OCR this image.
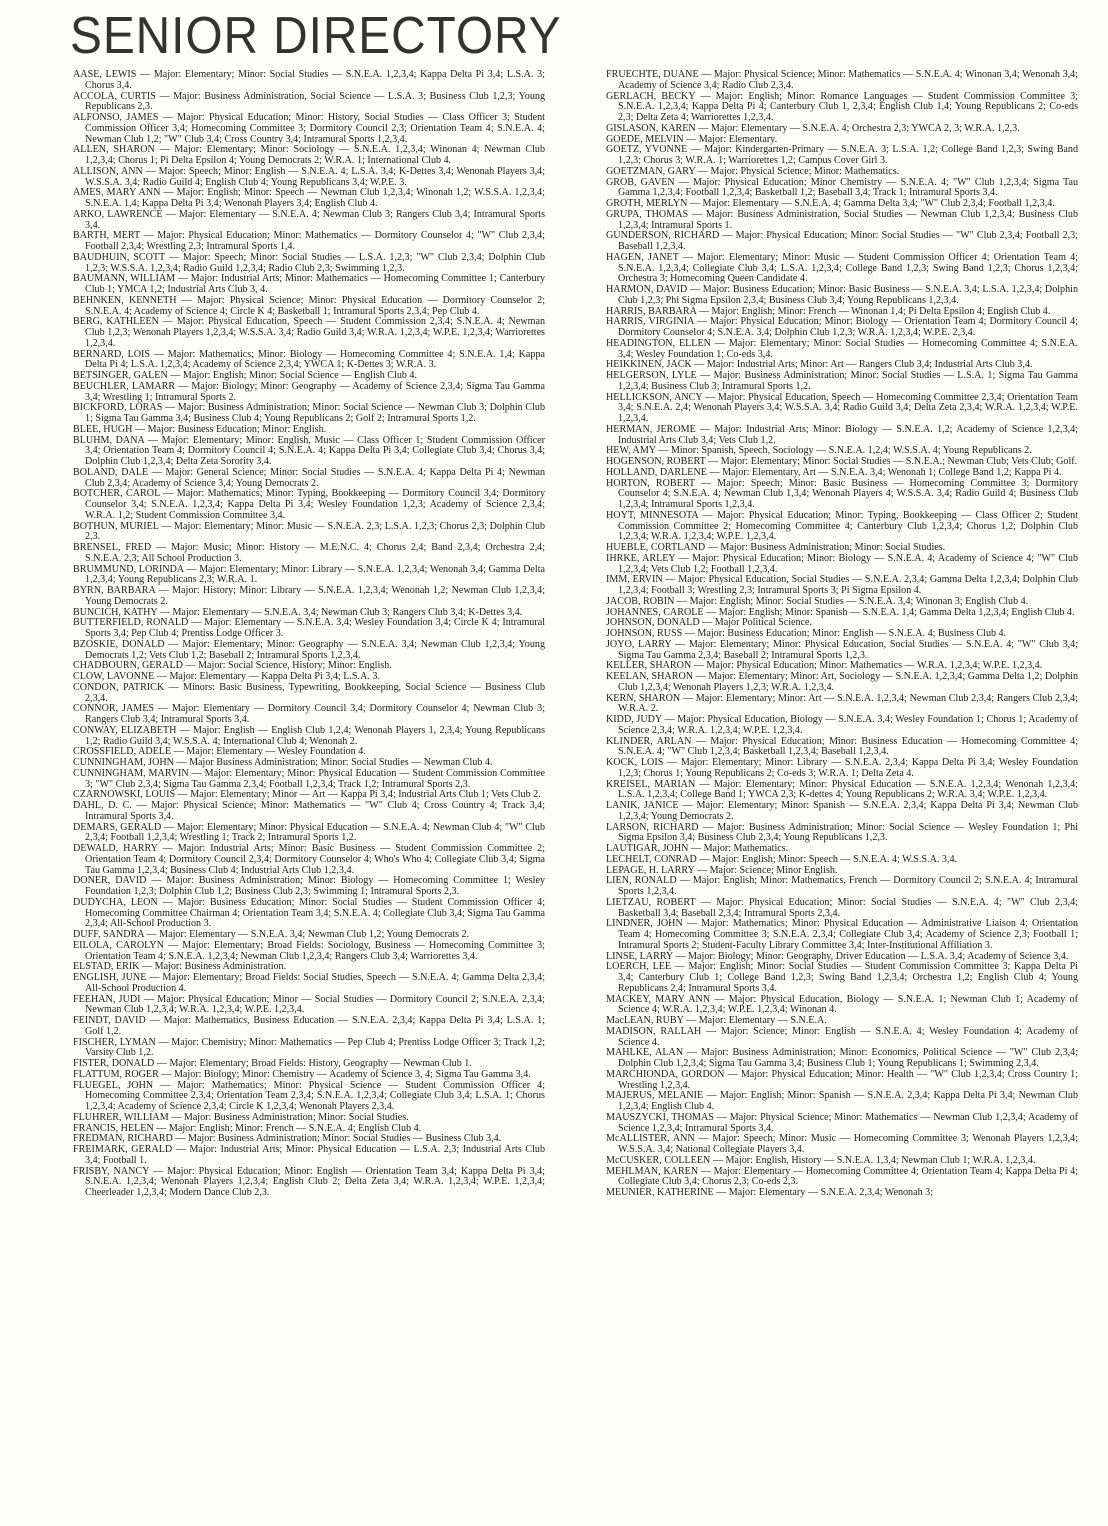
SENIOR DIRECTORY

AASE, LEWIS — Major: Elementary; Minor: Social Studies — S.N.E.A. 1,2,3,4; Kappa Delta Pi 3,4; L.S.A. 3; Chorus 3,4.

ACCOLA, CURTIS — Major: Business Administration, Social Science — L.S.A. 3; Business Club 1,2,3; Young Republicans 2,3.

ALFONSO, JAMES — Major: Physical Education; Minor: History, Social Studies — Class Officer 3; Student Commission Officer 3,4; Homecoming Committee 3; Dormitory Council 2,3; Orientation Team 4; S.N.E.A. 4; Newman Club 1,2; "W" Club 3,4; Cross Country 3,4; Intramural Sports 1,2,3,4.

ALLEN, SHARON — Major: Elementary; Minor: Sociology — S.N.E.A. 1,2,3,4; Winonan 4; Newman Club 1,2,3,4; Chorus 1; Pi Delta Epsilon 4; Young Democrats 2; W.R.A. 1; International Club 4.

ALLISON, ANN — Major: Speech; Minor: English — S.N.E.A. 4; L.S.A. 3,4; K-Dettes 3,4; Wenonah Players 3,4; W.S.S.A. 3,4; Radio Guild 4; English Club 4; Young Republicans 3,4; W.P.E. 3.

AMES, MARY ANN — Major: English; Minor: Speech — Newman Club 1,2,3,4; Winonah 1,2; W.S.S.A. 1,2,3,4; S.N.E.A. 1,4; Kappa Delta Pi 3,4; Wenonah Players 3,4; English Club 4.

ARKO, LAWRENCE — Major: Elementary — S.N.E.A. 4; Newman Club 3; Rangers Club 3,4; Intramural Sports 3,4.

BARTH, MERT — Major: Physical Education; Minor: Mathematics — Dormitory Counselor 4; "W" Club 2,3,4; Football 2,3,4; Wrestling 2,3; Intramural Sports 1,4.

BAUDHUIN, SCOTT — Major: Speech; Minor: Social Studies — L.S.A. 1,2,3; "W" Club 2,3,4; Dolphin Club 1,2,3; W.S.S.A. 1,2,3,4; Radio Guild 1,2,3,4; Radio Club 2,3; Swimming 1,2,3.

BAUMANN, WILLIAM — Major: Industrial Arts; Minor: Mathematics — Homecoming Committee 1; Canterbury Club 1; YMCA 1,2; Industrial Arts Club 3, 4.

BEHNKEN, KENNETH — Major: Physical Science; Minor: Physical Education — Dormitory Counselor 2; S.N.E.A. 4; Academy of Science 4; Circle K 4; Basketball 1; Intramural Sports 2,3,4; Pep Club 4.

BERG, KATHLEEN — Major: Physical Education, Speech — Student Commission 2,3,4; S.N.E.A. 4; Newman Club 1,2,3; Wenonah Players 1,2,3,4; W.S.S.A. 3,4; Radio Guild 3,4; W.R.A. 1,2,3,4; W.P.E. 1,2,3,4; Warriorettes 1,2,3,4.

BERNARD, LOIS — Major: Mathematics; Minor: Biology — Homecoming Committee 4; S.N.E.A. 1,4; Kappa Delta Pi 4; L.S.A. 1,2,3,4; Academy of Science 2,3,4; YWCA 1; K-Dettes 3; W.R.A. 3.

BETSINGER, GALEN — Major: English; Minor: Social Science — English Club 4.

BEUCHLER, LAMARR — Major: Biology; Minor: Geography — Academy of Science 2,3,4; Sigma Tau Gamma 3,4; Wrestling 1; Intramural Sports 2.

BICKFORD, LORAS — Major: Business Administration; Minor: Social Science — Newman Club 3; Dolphin Club 1; Sigma Tau Gamma 3,4; Business Club 4; Young Republicans 2; Golf 2; Intramural Sports 1,2.

BLEE, HUGH — Major: Business Education; Minor: English.

BLUHM, DANA — Major: Elementary; Minor: English, Music — Class Officer 1; Student Commission Officer 3,4; Orientation Team 4; Dormitory Council 4; S.N.E.A. 4; Kappa Delta Pi 3,4; Collegiate Club 3,4; Chorus 3,4; Dolphin Club 1,2,3,4; Delta Zeta Sorority 3,4.

BOLAND, DALE — Major: General Science; Minor: Social Studies — S.N.E.A. 4; Kappa Delta Pi 4; Newman Club 2,3,4; Academy of Science 3,4; Young Democrats 2.

BOTCHER, CAROL — Major: Mathematics; Minor: Typing, Bookkeeping — Dormitory Council 3,4; Dormitory Counselor 3,4; S.N.E.A. 1,2,3,4; Kappa Delta Pi 3,4; Wesley Foundation 1,2,3; Academy of Science 2,3,4; W.R.A. 1,2; Student Commission Committee 3,4.

BOTHUN, MURIEL — Major: Elementary; Minor: Music — S.N.E.A. 2,3; L.S.A. 1,2,3; Chorus 2,3; Dolphin Club 2,3.

BRENSEL, FRED — Major: Music; Minor: History — M.E.N.C. 4; Chorus 2,4; Band 2,3,4; Orchestra 2,4; S.N.E.A. 2,3; All School Production 3.

BRUMMUND, LORINDA — Major: Elementary; Minor: Library — S.N.E.A. 1,2,3,4; Wenonah 3,4; Gamma Delta 1,2,3,4; Young Republicans 2,3; W.R.A. 1.

BYRN, BARBARA — Major: History; Minor: Library — S.N.E.A. 1,2,3,4; Wenonah 1,2; Newman Club 1,2,3,4; Young Democrats 2.

BUNCICH, KATHY — Major: Elementary — S.N.E.A. 3,4; Newman Club 3; Rangers Club 3,4; K-Dettes 3,4.

BUTTERFIELD, RONALD — Major: Elementary — S.N.E.A. 3,4; Wesley Foundation 3,4; Circle K 4; Intramural Sports 3,4; Pep Club 4; Prentiss Lodge Officer 3.

BZOSKIE, DONALD — Major: Elementary; Minor: Geography — S.N.E.A. 3,4; Newman Club 1,2,3,4; Young Democrats 1,2; Vets Club 1,2; Baseball 2; Intramural Sports 1,2,3,4.

CHADBOURN, GERALD — Major: Social Science, History; Minor: English.

CLOW, LAVONNE — Major: Elementary — Kappa Delta Pi 3,4; L.S.A. 3.

CONDON, PATRICK — Minors: Basic Business, Typewriting, Bookkeeping, Social Science — Business Club 2,3,4.

CONNOR, JAMES — Major: Elementary — Dormitory Council 3,4; Dormitory Counselor 4; Newman Club 3; Rangers Club 3,4; Intramural Sports 3,4.

CONWAY, ELIZABETH — Major: English — English Club 1,2,4; Wenonah Players 1, 2,3,4; Young Republicans 1,2; Radio Guild 3,4; W.S.S.A. 4; International Club 4; Wenonah 2.

CROSSFIELD, ADELE — Major: Elementary — Wesley Foundation 4.

CUNNINGHAM, JOHN — Major Business Administration; Minor: Social Studies — Newman Club 4.

CUNNINGHAM, MARVIN — Major: Elementary; Minor: Physical Education — Student Commission Committee 3; "W" Club 2,3,4; Sigma Tau Gamma 2,3,4; Football 1,2,3,4; Track 1,2; Intramural Sports 2,3.

CZARNOWSKI, LOUIS — Major: Elementary; Minor — Art — Kappa Pi 3,4; Industrial Arts Club 1; Vets Club 2.

DAHL, D. C. — Major: Physical Science; Minor: Mathematics — "W" Club 4; Cross Country 4; Track 3,4; Intramural Sports 3,4.

DEMARS, GERALD — Major: Elementary; Minor: Physical Education — S.N.E.A. 4; Newman Club 4; "W" Club 2,3,4; Football 1,2,3,4; Wrestling 1; Track 2; Intramural Sports 1,2.

DEWALD, HARRY — Major: Industrial Arts; Minor: Basic Business — Student Commission Committee 2; Orientation Team 4; Dormitory Council 2,3,4; Dormitory Counselor 4; Who's Who 4; Collegiate Club 3,4; Sigma Tau Gamma 1,2,3,4; Business Club 4; Industrial Arts Club 1,2,3,4.

DONER, DAVID — Major: Business Administration; Minor: Biology — Homecoming Committee 1; Wesley Foundation 1,2,3; Dolphin Club 1,2; Business Club 2,3; Swimming 1; Intramural Sports 2,3.

DUDYCHA, LEON — Major: Business Education; Minor: Social Studies — Student Commission Officer 4; Homecoming Committee Chairman 4; Orientation Team 3,4; S.N.E.A. 4; Collegiate Club 3,4; Sigma Tau Gamma 2,3,4; All-School Production 3.

DUFF, SANDRA — Major: Elementary — S.N.E.A. 3,4; Newman Club 1,2; Young Democrats 2.

EILOLA, CAROLYN — Major: Elementary; Broad Fields: Sociology, Business — Homecoming Committee 3; Orientation Team 4; S.N.E.A. 1,2,3,4; Newman Club 1,2,3,4; Rangers Club 3,4; Warriorettes 3,4.

ELSTAD, ERIK — Major: Business Administration.

ENGLISH, JUNE — Major: Elementary; Broad Fields: Social Studies, Speech — S.N.E.A. 4; Gamma Delta 2,3,4; All-School Production 4.

FEEHAN, JUDI — Major: Physical Education; Minor — Social Studies — Dormitory Council 2; S.N.E.A. 2,3,4; Newman Club 1,2,3,4; W.R.A. 1,2,3,4; W.P.E. 1,2,3,4.

FEINDT, DAVID — Major: Mathematics, Business Education — S.N.E.A. 2,3,4; Kappa Delta Pi 3,4; L.S.A. 1; Golf 1,2.

FISCHER, LYMAN — Major: Chemistry; Minor: Mathematics — Pep Club 4; Prentiss Lodge Officer 3; Track 1,2; Varsity Club 1,2.

FISTER, DONALD — Major: Elementary; Broad Fields: History, Geography — Newman Club 1.

FLATTUM, ROGER — Major: Biology; Minor: Chemistry — Academy of Science 3, 4; Sigma Tau Gamma 3,4.

FLUEGEL, JOHN — Major: Mathematics; Minor: Physical Science — Student Commission Officer 4; Homecoming Committee 2,3,4; Orientation Team 2,3,4; S.N.E.A. 1,2,3,4; Collegiate Club 3,4; L.S.A. 1; Chorus 1,2,3,4; Academy of Science 2,3,4; Circle K 1,2,3,4; Wenonah Players 2,3,4.

FLUHRER, WILLIAM — Major: Business Administration; Minor: Social Studies.

FRANCIS, HELEN — Major: English; Minor: French — S.N.E.A. 4; English Club 4.

FREDMAN, RICHARD — Major: Business Administration; Minor: Social Studies — Business Club 3,4.

FREIMARK, GERALD — Major: Industrial Arts; Minor: Physical Education — L.S.A. 2,3; Industrial Arts Club 3,4; Football 1.

FRISBY, NANCY — Major: Physical Education; Minor: English — Orientation Team 3,4; Kappa Delta Pi 3,4; S.N.E.A. 1,2,3,4; Wenonah Players 1,2,3,4; English Club 2; Delta Zeta 3,4; W.R.A. 1,2,3,4; W.P.E. 1,2,3,4; Cheerleader 1,2,3,4; Modern Dance Club 2,3.

FRUECHTE, DUANE — Major: Physical Science; Minor: Mathematics — S.N.E.A. 4; Winonan 3,4; Wenonah 3,4; Academy of Science 3,4; Radio Club 2,3,4.

GERLACH, BECKY — Major: English; Minor: Romance Languages — Student Commission Committee 3; S.N.E.A. 1,2,3,4; Kappa Delta Pi 4; Canterbury Club 1, 2,3,4; English Club 1,4; Young Republicans 2; Co-eds 2,3; Delta Zeta 4; Warriorettes 1,2,3,4.

GISLASON, KAREN — Major: Elementary — S.N.E.A. 4; Orchestra 2,3; YWCA 2, 3; W.R.A. 1,2,3.

GOEDE, MELVIN — Major: Elementary.

GOETZ, YVONNE — Major: Kindergarten-Primary — S.N.E.A. 3; L.S.A. 1,2; College Band 1,2,3; Swing Band 1,2,3; Chorus 3; W.R.A. 1; Warriorettes 1,2; Campus Cover Girl 3.

GOETZMAN, GARY — Major: Physical Science; Minor: Mathematics.

GROB, GAVEN — Major: Physical Education; Minor Chemistry — S.N.E.A. 4; "W" Club 1,2,3,4; Sigma Tau Gamma 1,2,3,4; Football 1,2,3,4; Basketball 1,2; Baseball 3,4; Track 1; Intramural Sports 3,4.

GROTH, MERLYN — Major: Elementary — S.N.E.A. 4; Gamma Delta 3,4; "W" Club 2,3,4; Football 1,2,3,4.

GRUPA, THOMAS — Major: Business Administration, Social Studies — Newman Club 1,2,3,4; Business Club 1,2,3,4; Intramural Sports 1.

GUNDERSON, RICHARD — Major: Physical Education; Minor: Social Studies — "W" Club 2,3,4; Football 2,3; Baseball 1,2,3,4.

HAGEN, JANET — Major: Elementary; Minor: Music — Student Commission Officer 4; Orientation Team 4; S.N.E.A. 1,2,3,4; Collegiate Club 3,4; L.S.A. 1,2,3,4; College Band 1,2,3; Swing Band 1,2,3; Chorus 1,2,3,4; Orchestra 3; Homecoming Queen Candidate 4.

HARMON, DAVID — Major: Business Education; Minor: Basic Business — S.N.E.A. 3,4; L.S.A. 1,2,3,4; Dolphin Club 1,2,3; Phi Sigma Epsilon 2,3,4; Business Club 3,4; Young Republicans 1,2,3,4.

HARRIS, BARBARA — Major: English; Minor: French — Winonan 1,4; Pi Delta Epsilon 4; English Club 4.

HARRIS, VIRGINIA — Major: Physical Education; Minor: Biology — Orientation Team 4; Dormitory Council 4; Dormitory Counselor 4; S.N.E.A. 3,4; Dolphin Club 1,2,3; W.R.A. 1,2,3,4; W.P.E. 2,3,4.

HEADINGTON, ELLEN — Major: Elementary; Minor: Social Studies — Homecoming Committee 4; S.N.E.A. 3,4; Wesley Foundation 1; Co-eds 3,4.

HEIKKINEN, JACK — Major: Industrial Arts; Minor: Art — Rangers Club 3,4; Industrial Arts Club 3,4.

HELGERSON, LYLE — Major: Business Administration; Minor: Social Studies — L.S.A. 1; Sigma Tau Gamma 1,2,3,4; Business Club 3; Intramural Sports 1,2.

HELLICKSON, ANCY — Major: Physical Education, Speech — Homecoming Committee 2,3,4; Orientation Team 3,4; S.N.E.A. 2,4; Wenonah Players 3,4; W.S.S.A. 3,4; Radio Guild 3,4; Delta Zeta 2,3,4; W.R.A. 1,2,3,4; W.P.E. 1,2,3,4.

HERMAN, JEROME — Major: Industrial Arts; Minor: Biology — S.N.E.A. 1,2; Academy of Science 1,2,3,4; Industrial Arts Club 3,4; Vets Club 1,2.

HEW, AMY — Minor: Spanish, Speech, Sociology — S.N.E.A. 1,2,4; W.S.S.A. 4; Young Republicans 2.

HOGENSON, ROBERT — Major: Elementary; Minor: Social Studies — S.N.E.A.; Newman Club; Vets Club; Golf.

HOLLAND, DARLENE — Major: Elementary, Art — S.N.E.A. 3,4; Wenonah 1; College Band 1,2; Kappa Pi 4.

HORTON, ROBERT — Major: Speech; Minor: Basic Business — Homecoming Committee 3; Dormitory Counselor 4; S.N.E.A. 4; Newman Club 1,3,4; Wenonah Players 4; W.S.S.A. 3,4; Radio Guild 4; Business Club 1,2,3,4; Intramural Sports 1,2,3,4.

HOYT, MINNESOTA — Major: Physical Education; Minor: Typing, Bookkeeping — Class Officer 2; Student Commission Committee 2; Homecoming Committee 4; Canterbury Club 1,2,3,4; Chorus 1,2; Dolphin Club 1,2,3,4; W.R.A. 1,2,3,4; W.P.E. 1,2,3,4.

HUEBLE, CORTLAND — Major: Business Administration; Minor: Social Studies.

IHRKE, ARLEY — Major: Physical Education; Minor: Biology — S.N.E.A. 4; Academy of Science 4; "W" Club 1,2,3,4; Vets Club 1,2; Football 1,2,3,4.

IMM, ERVIN — Major: Physical Education, Social Studies — S.N.E.A. 2,3,4; Gamma Delta 1,2,3,4; Dolphin Club 1,2,3,4; Football 3; Wrestling 2,3; Intramural Sports 3; Pi Sigma Epsilon 4.

JACOB, ROBIN — Major: English; Minor: Social Studies — S.N.E.A. 3,4; Winonan 3; English Club 4.

JOHANNES, CAROLE — Major: English; Minor: Spanish — S.N.E.A. 1,4; Gamma Delta 1,2,3,4; English Club 4.

JOHNSON, DONALD — Major Political Science.

JOHNSON, RUSS — Major: Business Education; Minor: English — S.N.E.A. 4; Business Club 4.

JOYO, LARRY — Major: Elementary; Minor: Physical Education, Social Studies — S.N.E.A. 4; "W" Club 3,4; Sigma Tau Gamma 2,3,4; Baseball 2; Intramural Sports 1,2,3.

KELLER, SHARON — Major: Physical Education; Minor: Mathematics — W.R.A. 1,2,3,4; W.P.E. 1,2,3,4.

KEELAN, SHARON — Major: Elementary; Minor: Art, Sociology — S.N.E.A. 1,2,3,4; Gamma Delta 1,2; Dolphin Club 1,2,3,4; Wenonah Players 1,2,3; W.R.A. 1,2,3,4.

KERN, SHARON — Major: Elementary; Minor: Art — S.N.E.A. 1,2,3,4; Newman Club 2,3,4; Rangers Club 2,3,4; W.R.A. 2.

KIDD, JUDY — Major: Physical Education, Biology — S.N.E.A. 3,4; Wesley Foundation 1; Chorus 1; Academy of Science 2,3,4; W.R.A. 1,2,3,4; W.P.E. 1,2,3,4.

KLINDER, ARLAN — Major: Physical Education; Minor: Business Education — Homecoming Committee 4; S.N.E.A. 4; "W" Club 1,2,3,4; Basketball 1,2,3,4; Baseball 1,2,3,4.

KOCK, LOIS — Major: Elementary; Minor: Library — S.N.E.A. 2,3,4; Kappa Delta Pi 3,4; Wesley Foundation 1,2,3; Chorus 1; Young Republicans 2; Co-eds 3; W.R.A. 1; Delta Zeta 4.

KREISEL, MARIAN — Major: Elementary; Minor: Physical Education — S.N.E.A. 1,2,3,4; Wenonah 1,2,3,4; L.S.A. 1,2,3,4; College Band 1; YWCA 2,3; K-dettes 4; Young Republicans 2; W.R.A. 3,4; W.P.E. 1,2,3,4.

LANIK, JANICE — Major: Elementary; Minor: Spanish — S.N.E.A. 2,3,4; Kappa Delta Pi 3,4; Newman Club 1,2,3,4; Young Democrats 2.

LARSON, RICHARD — Major: Business Administration; Minor: Social Science — Wesley Foundation 1; Phi Sigma Epsilon 3,4; Business Club 2,3,4; Young Republicans 1,2,3.

LAUTIGAR, JOHN — Major: Mathematics.

LECHELT, CONRAD — Major: English; Minor: Speech — S.N.E.A. 4; W.S.S.A. 3,4.

LEPAGE, H. LARRY — Major: Science; Minor English.

LIEN, RONALD — Major: English; Minor: Mathematics, French — Dormitory Council 2; S.N.E.A. 4; Intramural Sports 1,2,3,4.

LIETZAU, ROBERT — Major: Physical Education; Minor: Social Studies — S.N.E.A. 4; "W" Club 2,3,4; Basketball 3,4; Baseball 2,3,4; Intramural Sports 2,3,4.

LINDNER, JOHN — Major: Mathematics; Minor: Physical Education — Administrative Liaison 4; Orientation Team 4; Homecoming Committee 3; S.N.E.A. 2,3,4; Collegiate Club 3,4; Academy of Science 2,3; Football 1; Intramural Sports 2; Student-Faculty Library Committee 3,4; Inter-Institutional Affiliation 3.

LINSE, LARRY — Major: Biology; Minor: Geography, Driver Education — L.S.A. 3,4; Academy of Science 3,4.

LOERCH, LEE — Major: English; Minor: Social Studies — Student Commission Committee 3; Kappa Delta Pi 3,4; Canterbury Club 1; College Band 1,2,3; Swing Band 1,2,3,4; Orchestra 1,2; English Club 4; Young Republicans 2,4; Intramural Sports 3,4.

MACKEY, MARY ANN — Major: Physical Education, Biology — S.N.E.A. 1; Newman Club 1; Academy of Science 4; W.R.A. 1,2,3,4; W.P.E. 1,2,3,4; Winonan 4.

MacLEAN, RUBY — Major: Elementary — S.N.E.A.

MADISON, RALLAH — Major: Science; Minor: English — S.N.E.A. 4; Wesley Foundation 4; Academy of Science 4.

MAHLKE, ALAN — Major: Business Administration; Minor: Economics, Political Science — "W" Club 2,3,4; Dolphin Club 1,2,3,4; Sigma Tau Gamma 3,4; Business Club 1; Young Republicans 1; Swimming 2,3,4.

MARCHIONDA, GORDON — Major: Physical Education; Minor: Health — "W" Club 1,2,3,4; Cross Country 1; Wrestling 1,2,3,4.

MAJERUS, MELANIE — Major: English; Minor: Spanish — S.N.E.A. 2,3,4; Kappa Delta Pi 3,4; Newman Club 1,2,3,4; English Club 4.

MAUSZYCKI, THOMAS — Major: Physical Science; Minor: Mathematics — Newman Club 1,2,3,4; Academy of Science 1,2,3,4; Intramural Sports 3,4.

McALLISTER, ANN — Major: Speech; Minor: Music — Homecoming Committee 3; Wenonah Players 1,2,3,4; W.S.S.A. 3,4; National Collegiate Players 3,4.

McCUSKER, COLLEEN — Major: English, History — S.N.E.A. 1,3,4; Newman Club 1; W.R.A. 1,2,3,4.

MEHLMAN, KAREN — Major: Elementary — Homecoming Committee 4; Orientation Team 4; Kappa Delta Pi 4; Collegiate Club 3,4; Chorus 2,3; Co-eds 2,3.

MEUNIER, KATHERINE — Major: Elementary — S.N.E.A. 2,3,4; Wenonah 3;
